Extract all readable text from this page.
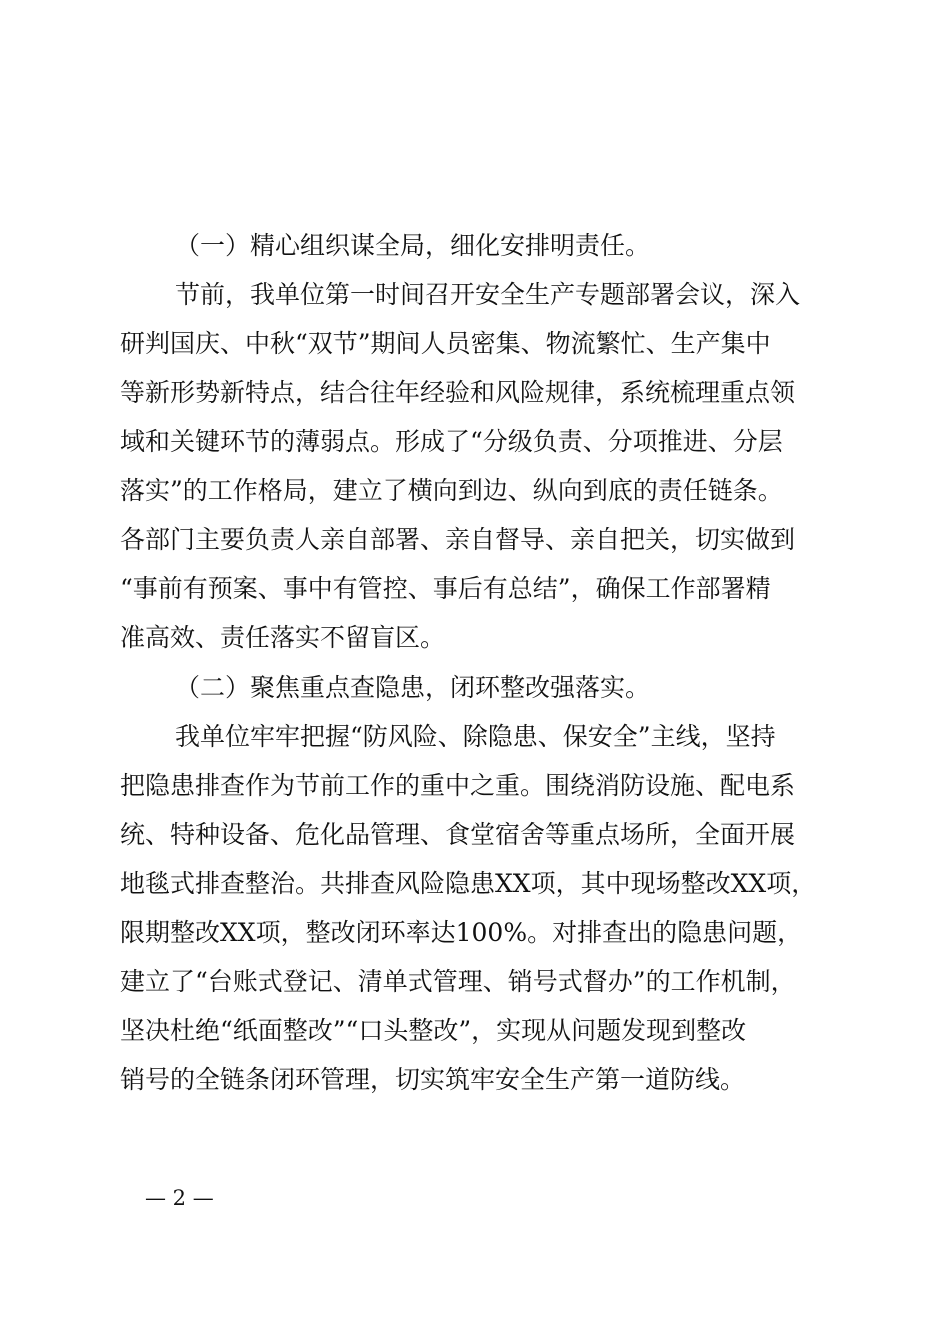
（一）精心组织谋全局，细化安排明责任。
节前，我单位第一时间召开安全生产专题部署会议，深入
研判国庆、中秋“双节”期间人员密集、物流繁忙、生产集中
等新形势新特点，结合往年经验和风险规律，系统梳理重点领
域和关键环节的薄弱点。形成了“分级负责、分项推进、分层
落实”的工作格局，建立了横向到边、纵向到底的责任链条。
各部门主要负责人亲自部署、亲自督导、亲自把关，切实做到
“事前有预案、事中有管控、事后有总结”，确保工作部署精
准高效、责任落实不留盲区。
（二）聚焦重点查隐患，闭环整改强落实。
我单位牢牢把握“防风险、除隐患、保安全”主线，坚持
把隐患排查作为节前工作的重中之重。围绕消防设施、配电系
统、特种设备、危化品管理、食堂宿舍等重点场所，全面开展
地毯式排查整治。共排查风险隐患XX项，其中现场整改XX项，
限期整改XX项，整改闭环率达100%。对排查出的隐患问题，
建立了“台账式登记、清单式管理、销号式督办”的工作机制，
坚决杜绝“纸面整改”“口头整改”，实现从问题发现到整改
销号的全链条闭环管理，切实筑牢安全生产第一道防线。
— 2 —
